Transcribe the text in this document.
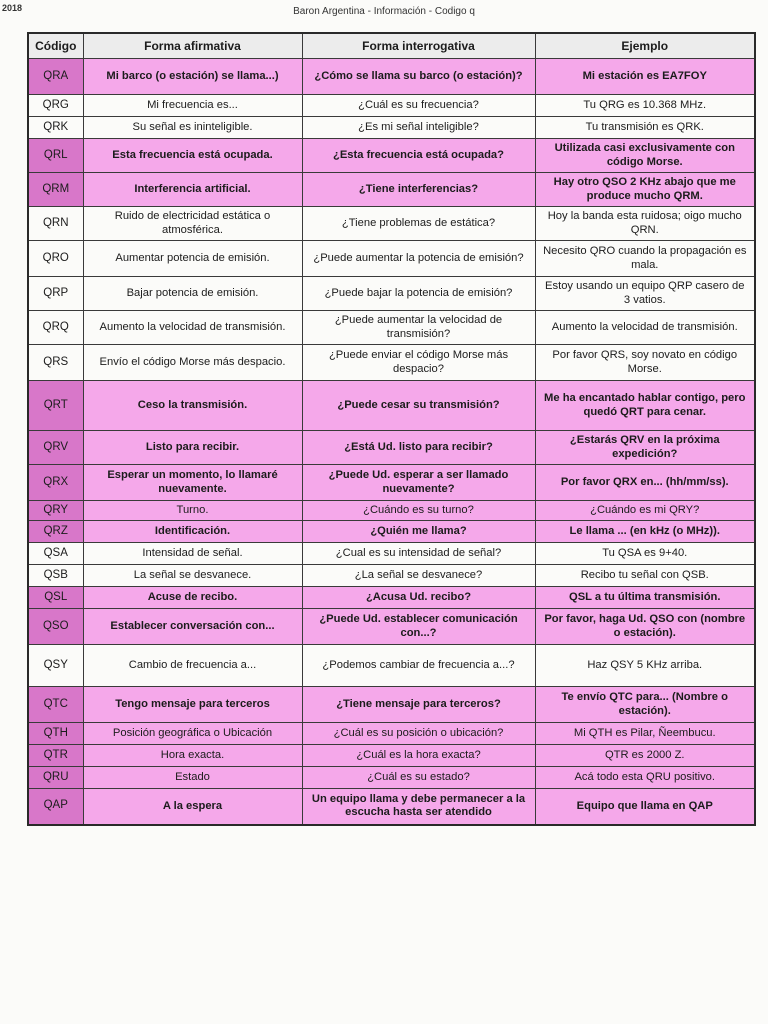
2018	Baron Argentina - Información - Codigo q
Código	Forma afirmativa	Forma interrogativa	Ejemplo
QRA	Mi barco (o estación) se llama...)	¿Cómo se llama su barco (o estación)?	Mi estación es EA7FOY
QRG	Mi frecuencia es...	¿Cuál es su frecuencia?	Tu QRG es 10.368 MHz.
QRK	Su señal es ininteligible.	¿Es mi señal inteligible?	Tu transmisión es QRK.
QRL	Esta frecuencia está ocupada.	¿Esta frecuencia está ocupada?	Utilizada casi exclusivamente con código Morse.
QRM	Interferencia artificial.	¿Tiene interferencias?	Hay otro QSO 2 KHz abajo que me produce mucho QRM.
QRN	Ruido de electricidad estática o atmosférica.	¿Tiene problemas de estática?	Hoy la banda esta ruidosa; oigo mucho QRN.
QRO	Aumentar potencia de emisión.	¿Puede aumentar la potencia de emisión?	Necesito QRO cuando la propagación es mala.
QRP	Bajar potencia de emisión.	¿Puede bajar la potencia de emisión?	Estoy usando un equipo QRP casero de 3 vatios.
QRQ	Aumento la velocidad de transmisión.	¿Puede aumentar la velocidad de transmisión?	Aumento la velocidad de transmisión.
QRS	Envío el código Morse más despacio.	¿Puede enviar el código Morse más despacio?	Por favor QRS, soy novato en código Morse.
QRT	Ceso la transmisión.	¿Puede cesar su transmisión?	Me ha encantado hablar contigo, pero quedó QRT para cenar.
QRV	Listo para recibir.	¿Está Ud. listo para recibir?	¿Estarás QRV en la próxima expedición?
QRX	Esperar un momento, lo llamaré nuevamente.	¿Puede Ud. esperar a ser llamado nuevamente?	Por favor QRX en... (hh/mm/ss).
QRY	Turno.	¿Cuándo es su turno?	¿Cuándo es mi QRY?
QRZ	Identificación.	¿Quién me llama?	Le llama ... (en kHz (o MHz)).
QSA	Intensidad de señal.	¿Cual es su intensidad de señal?	Tu QSA es 9+40.
QSB	La señal se desvanece.	¿La señal se desvanece?	Recibo tu señal con QSB.
QSL	Acuse de recibo.	¿Acusa Ud. recibo?	QSL a tu última transmisión.
QSO	Establecer conversación con...	¿Puede Ud. establecer comunicación con...?	Por favor, haga Ud. QSO con (nombre o estación).
QSY	Cambio de frecuencia a...	¿Podemos cambiar de frecuencia a...?	Haz QSY 5 KHz arriba.
QTC	Tengo mensaje para terceros	¿Tiene mensaje para terceros?	Te envío QTC para... (Nombre o estación).
QTH	Posición geográfica o Ubicación	¿Cuál es su posición o ubicación?	Mi QTH es Pilar, Ñeembucu.
QTR	Hora exacta.	¿Cuál es la hora exacta?	QTR es 2000 Z.
QRU	Estado	¿Cuál es su estado?	Acá todo esta QRU positivo.
QAP	A la espera	Un equipo llama y debe permanecer a la escucha hasta ser atendido	Equipo que llama en QAP
